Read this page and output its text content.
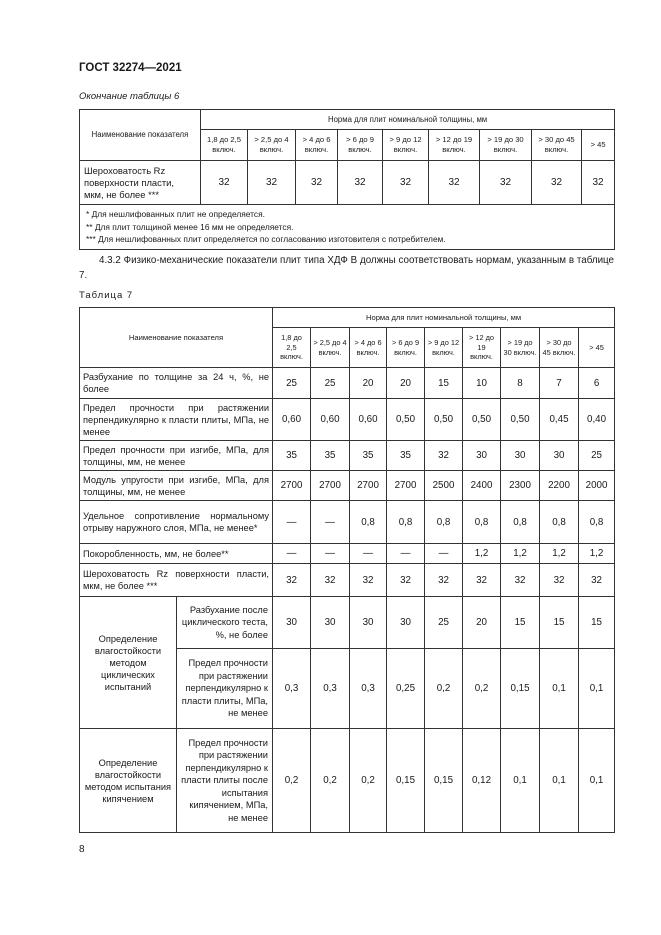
ГОСТ 32274—2021
Окончание таблицы 6
Наименование показателя	Норма для плит номинальной толщины, мм								
	1,8 до 2,5 включ.	> 2,5 до 4 включ.	> 4 до 6 включ.	> 6 до 9 включ.	> 9 до 12 включ.	> 12 до 19 включ.	> 19 до 30 включ.	> 30 до 45 включ.	> 45
Шероховатость Rz поверхности пласти, мкм, не более ***	32	32	32	32	32	32	32	32	32

* Для нешлифованных плит не определяется.
** Для плит толщиной менее 16 мм не определяется.
*** Для нешлифованных плит определяется по согласованию изготовителя с потребителем.									
4.3.2 Физико-механические показатели плит типа ХДФ В должны соответствовать нормам, указанным в таблице 7.
Таблица 7
Наименование показателя		Норма для плит номинальной толщины, мм								
		1,8 до 2,5 включ.	> 2,5 до 4 включ.	> 4 до 6 включ.	> 6 до 9 включ.	> 9 до 12 включ.	> 12 до 19 включ.	> 19 до 30 включ.	> 30 до 45 включ.	> 45
Разбухание по толщине за 24 ч, %, не более		25	25	20	20	15	10	8	7	6
Предел прочности при растяжении перпендикулярно к пласти плиты, МПа, не менее		0,60	0,60	0,60	0,50	0,50	0,50	0,50	0,45	0,40
Предел прочности при изгибе, МПа, для толщины, мм, не менее		35	35	35	35	32	30	30	30	25
Модуль упругости при изгибе, МПа, для толщины, мм, не менее		2700	2700	2700	2700	2500	2400	2300	2200	2000
Удельное сопротивление нормальному отрыву наружного слоя, МПа, не менее*		—	—	0,8	0,8	0,8	0,8	0,8	0,8	0,8
Покоробленность, мм, не более**		—	—	—	—	—	1,2	1,2	1,2	1,2
Шероховатость Rz поверхности пласти, мкм, не более ***		32	32	32	32	32	32	32	32	32
Определение влагостойкости методом циклических испытаний	Разбухание после циклического теста, %, не более	30	30	30	30	25	20	15	15	15
	Предел прочности при растяжении перпендикулярно к пласти плиты, МПа, не менее	0,3	0,3	0,3	0,25	0,2	0,2	0,15	0,1	0,1
Определение влагостойкости методом испытания кипячением	Предел прочности при растяжении перпендикулярно к пласти плиты после испытания кипячением, МПа, не менее	0,2	0,2	0,2	0,15	0,15	0,12	0,1	0,1	0,1
8
